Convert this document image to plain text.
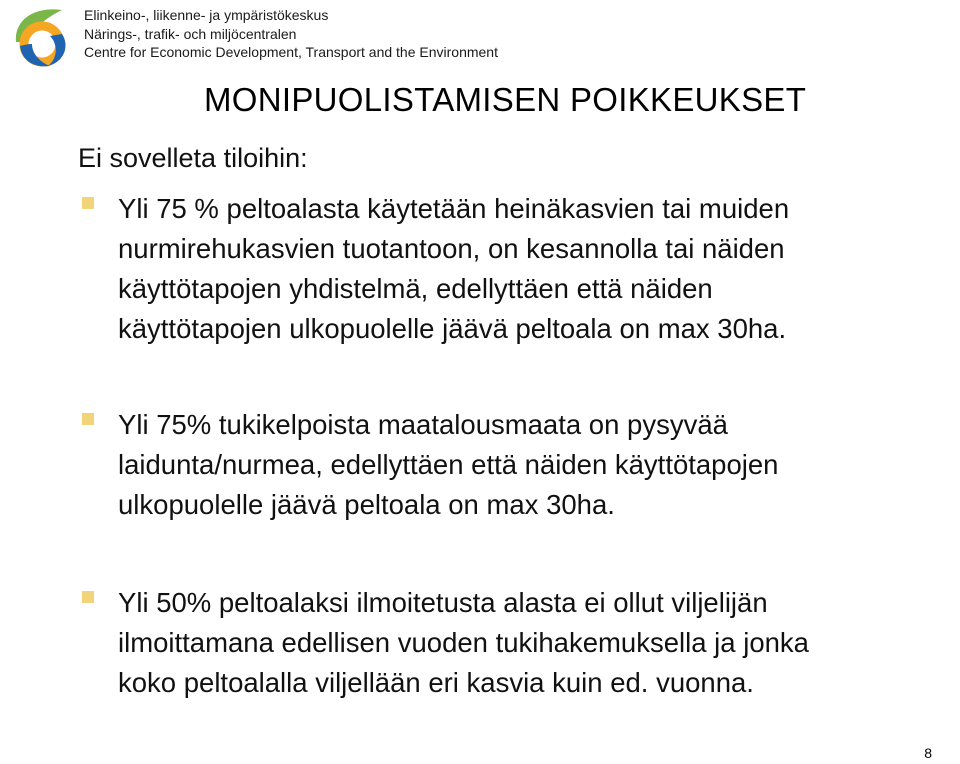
Elinkeino-, liikenne- ja ympäristökeskus
Närings-, trafik- och miljöcentralen
Centre for Economic Development, Transport and the Environment
MONIPUOLISTAMISEN POIKKEUKSET
Ei sovelleta tiloihin:
Yli 75 % peltoalasta käytetään heinäkasvien tai muiden
nurmirehukasvien tuotantoon, on kesannolla tai näiden
käyttötapojen yhdistelmä, edellyttäen että näiden
käyttötapojen ulkopuolelle jäävä peltoala on max 30ha.
Yli 75% tukikelpoista maatalousmaata on pysyvää
laidunta/nurmea, edellyttäen että näiden käyttötapojen
ulkopuolelle jäävä peltoala on max 30ha.
Yli 50% peltoalaksi ilmoitetusta alasta ei ollut viljelijän
ilmoittamana edellisen vuoden tukihakemuksella ja jonka
koko peltoalalla viljellään eri kasvia kuin ed. vuonna.
8
